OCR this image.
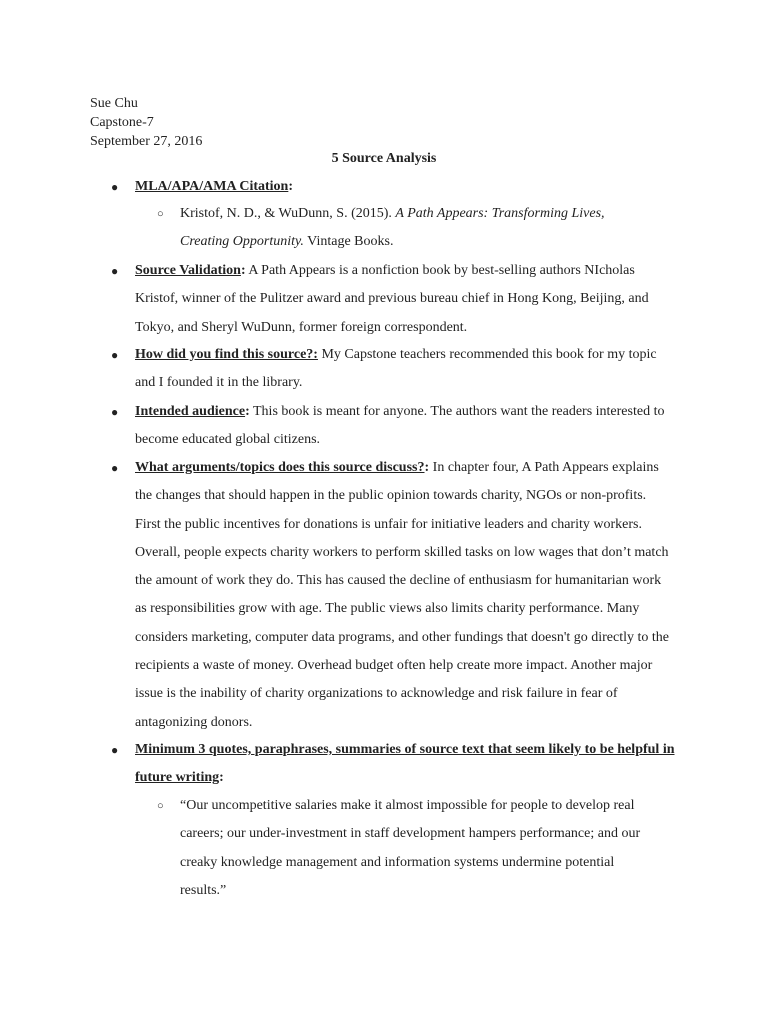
Sue Chu
Capstone-7
September 27, 2016
5 Source Analysis
● MLA/APA/AMA Citation:
○ Kristof, N. D., & WuDunn, S. (2015). A Path Appears: Transforming Lives, Creating Opportunity. Vintage Books.
● Source Validation: A Path Appears is a nonfiction book by best-selling authors NIcholas Kristof, winner of the Pulitzer award and previous bureau chief in Hong Kong, Beijing, and Tokyo, and Sheryl WuDunn, former foreign correspondent.
● How did you find this source?: My Capstone teachers recommended this book for my topic and I founded it in the library.
● Intended audience: This book is meant for anyone. The authors want the readers interested to become educated global citizens.
● What arguments/topics does this source discuss?: In chapter four, A Path Appears explains the changes that should happen in the public opinion towards charity, NGOs or non-profits. First the public incentives for donations is unfair for initiative leaders and charity workers. Overall, people expects charity workers to perform skilled tasks on low wages that don’t match the amount of work they do. This has caused the decline of enthusiasm for humanitarian work as responsibilities grow with age. The public views also limits charity performance. Many considers marketing, computer data programs, and other fundings that doesn't go directly to the recipients a waste of money. Overhead budget often help create more impact. Another major issue is the inability of charity organizations to acknowledge and risk failure in fear of antagonizing donors.
● Minimum 3 quotes, paraphrases, summaries of source text that seem likely to be helpful in future writing:
○ “Our uncompetitive salaries make it almost impossible for people to develop real careers; our under-investment in staff development hampers performance; and our creaky knowledge management and information systems undermine potential results.”
